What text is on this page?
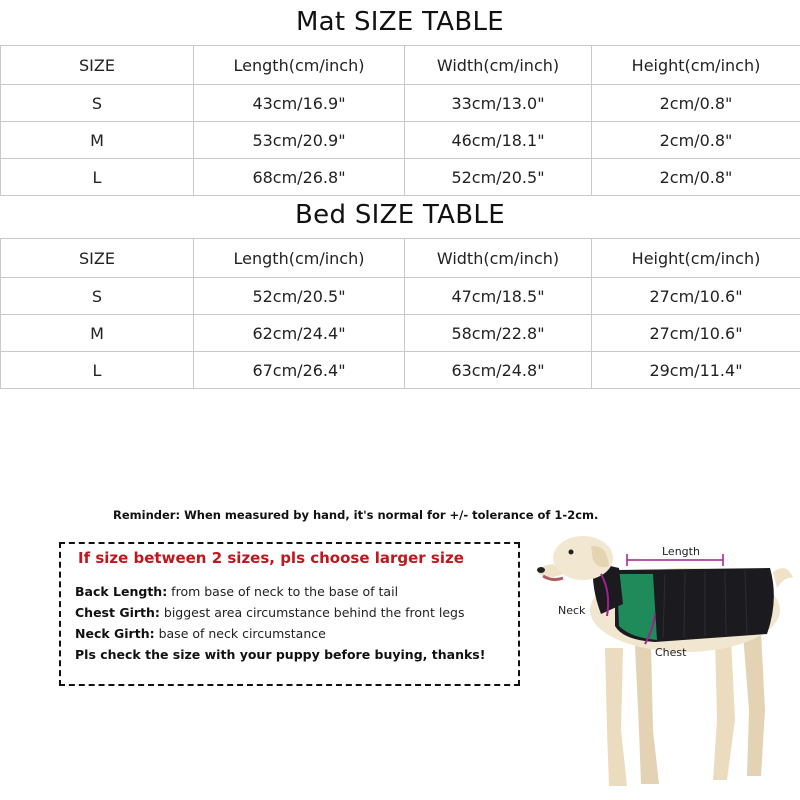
Mat SIZE TABLE
SIZE	Length(cm/inch)	Width(cm/inch)	Height(cm/inch)
S	43cm/16.9"	33cm/13.0"	2cm/0.8"
M	53cm/20.9"	46cm/18.1"	2cm/0.8"
L	68cm/26.8"	52cm/20.5"	2cm/0.8"
Bed SIZE TABLE
SIZE	Length(cm/inch)	Width(cm/inch)	Height(cm/inch)
S	52cm/20.5"	47cm/18.5"	27cm/10.6"
M	62cm/24.4"	58cm/22.8"	27cm/10.6"
L	67cm/26.4"	63cm/24.8"	29cm/11.4"
Reminder: When measured by hand, it's normal for +/- tolerance of 1-2cm.
If size between 2 sizes, pls choose larger size
Back Length: from base of neck to the base of tail
Chest Girth: biggest area circumstance behind the front legs
Neck Girth: base of neck circumstance
Pls check the size with your puppy before buying, thanks!
Length
Neck
Chest
